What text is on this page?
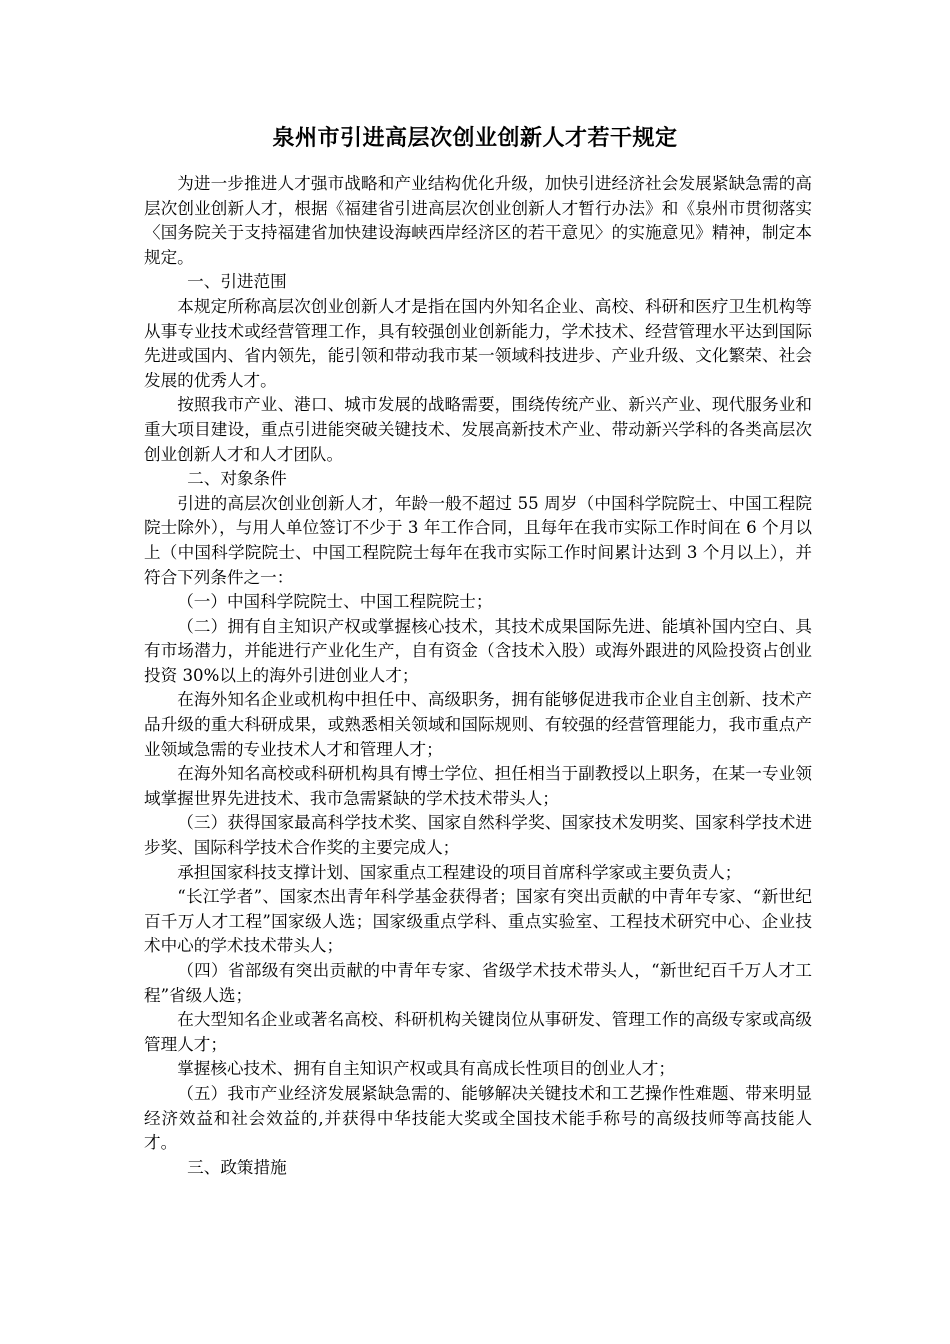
泉州市引进高层次创业创新人才若干规定

为进一步推进人才强市战略和产业结构优化升级，加快引进经济社会发展紧缺急需的高层次创业创新人才，根据《福建省引进高层次创业创新人才暂行办法》和《泉州市贯彻落实〈国务院关于支持福建省加快建设海峡西岸经济区的若干意见〉的实施意见》精神，制定本规定。

一、引进范围

本规定所称高层次创业创新人才是指在国内外知名企业、高校、科研和医疗卫生机构等从事专业技术或经营管理工作，具有较强创业创新能力，学术技术、经营管理水平达到国际先进或国内、省内领先，能引领和带动我市某一领域科技进步、产业升级、文化繁荣、社会发展的优秀人才。

按照我市产业、港口、城市发展的战略需要，围绕传统产业、新兴产业、现代服务业和重大项目建设，重点引进能突破关键技术、发展高新技术产业、带动新兴学科的各类高层次创业创新人才和人才团队。

二、对象条件

引进的高层次创业创新人才，年龄一般不超过 55 周岁（中国科学院院士、中国工程院院士除外），与用人单位签订不少于 3 年工作合同，且每年在我市实际工作时间在 6 个月以上（中国科学院院士、中国工程院院士每年在我市实际工作时间累计达到 3 个月以上），并符合下列条件之一：

（一）中国科学院院士、中国工程院院士；

（二）拥有自主知识产权或掌握核心技术，其技术成果国际先进、能填补国内空白、具有市场潜力，并能进行产业化生产，自有资金（含技术入股）或海外跟进的风险投资占创业投资 30%以上的海外引进创业人才；

在海外知名企业或机构中担任中、高级职务，拥有能够促进我市企业自主创新、技术产品升级的重大科研成果，或熟悉相关领域和国际规则、有较强的经营管理能力，我市重点产业领域急需的专业技术人才和管理人才；

在海外知名高校或科研机构具有博士学位、担任相当于副教授以上职务，在某一专业领域掌握世界先进技术、我市急需紧缺的学术技术带头人；

（三）获得国家最高科学技术奖、国家自然科学奖、国家技术发明奖、国家科学技术进步奖、国际科学技术合作奖的主要完成人；

承担国家科技支撑计划、国家重点工程建设的项目首席科学家或主要负责人；

“长江学者”、国家杰出青年科学基金获得者；国家有突出贡献的中青年专家、“新世纪百千万人才工程”国家级人选；国家级重点学科、重点实验室、工程技术研究中心、企业技术中心的学术技术带头人；

（四）省部级有突出贡献的中青年专家、省级学术技术带头人，“新世纪百千万人才工程”省级人选；

在大型知名企业或著名高校、科研机构关键岗位从事研发、管理工作的高级专家或高级管理人才；

掌握核心技术、拥有自主知识产权或具有高成长性项目的创业人才；

（五）我市产业经济发展紧缺急需的、能够解决关键技术和工艺操作性难题、带来明显经济效益和社会效益的,并获得中华技能大奖或全国技术能手称号的高级技师等高技能人才。

三、政策措施
